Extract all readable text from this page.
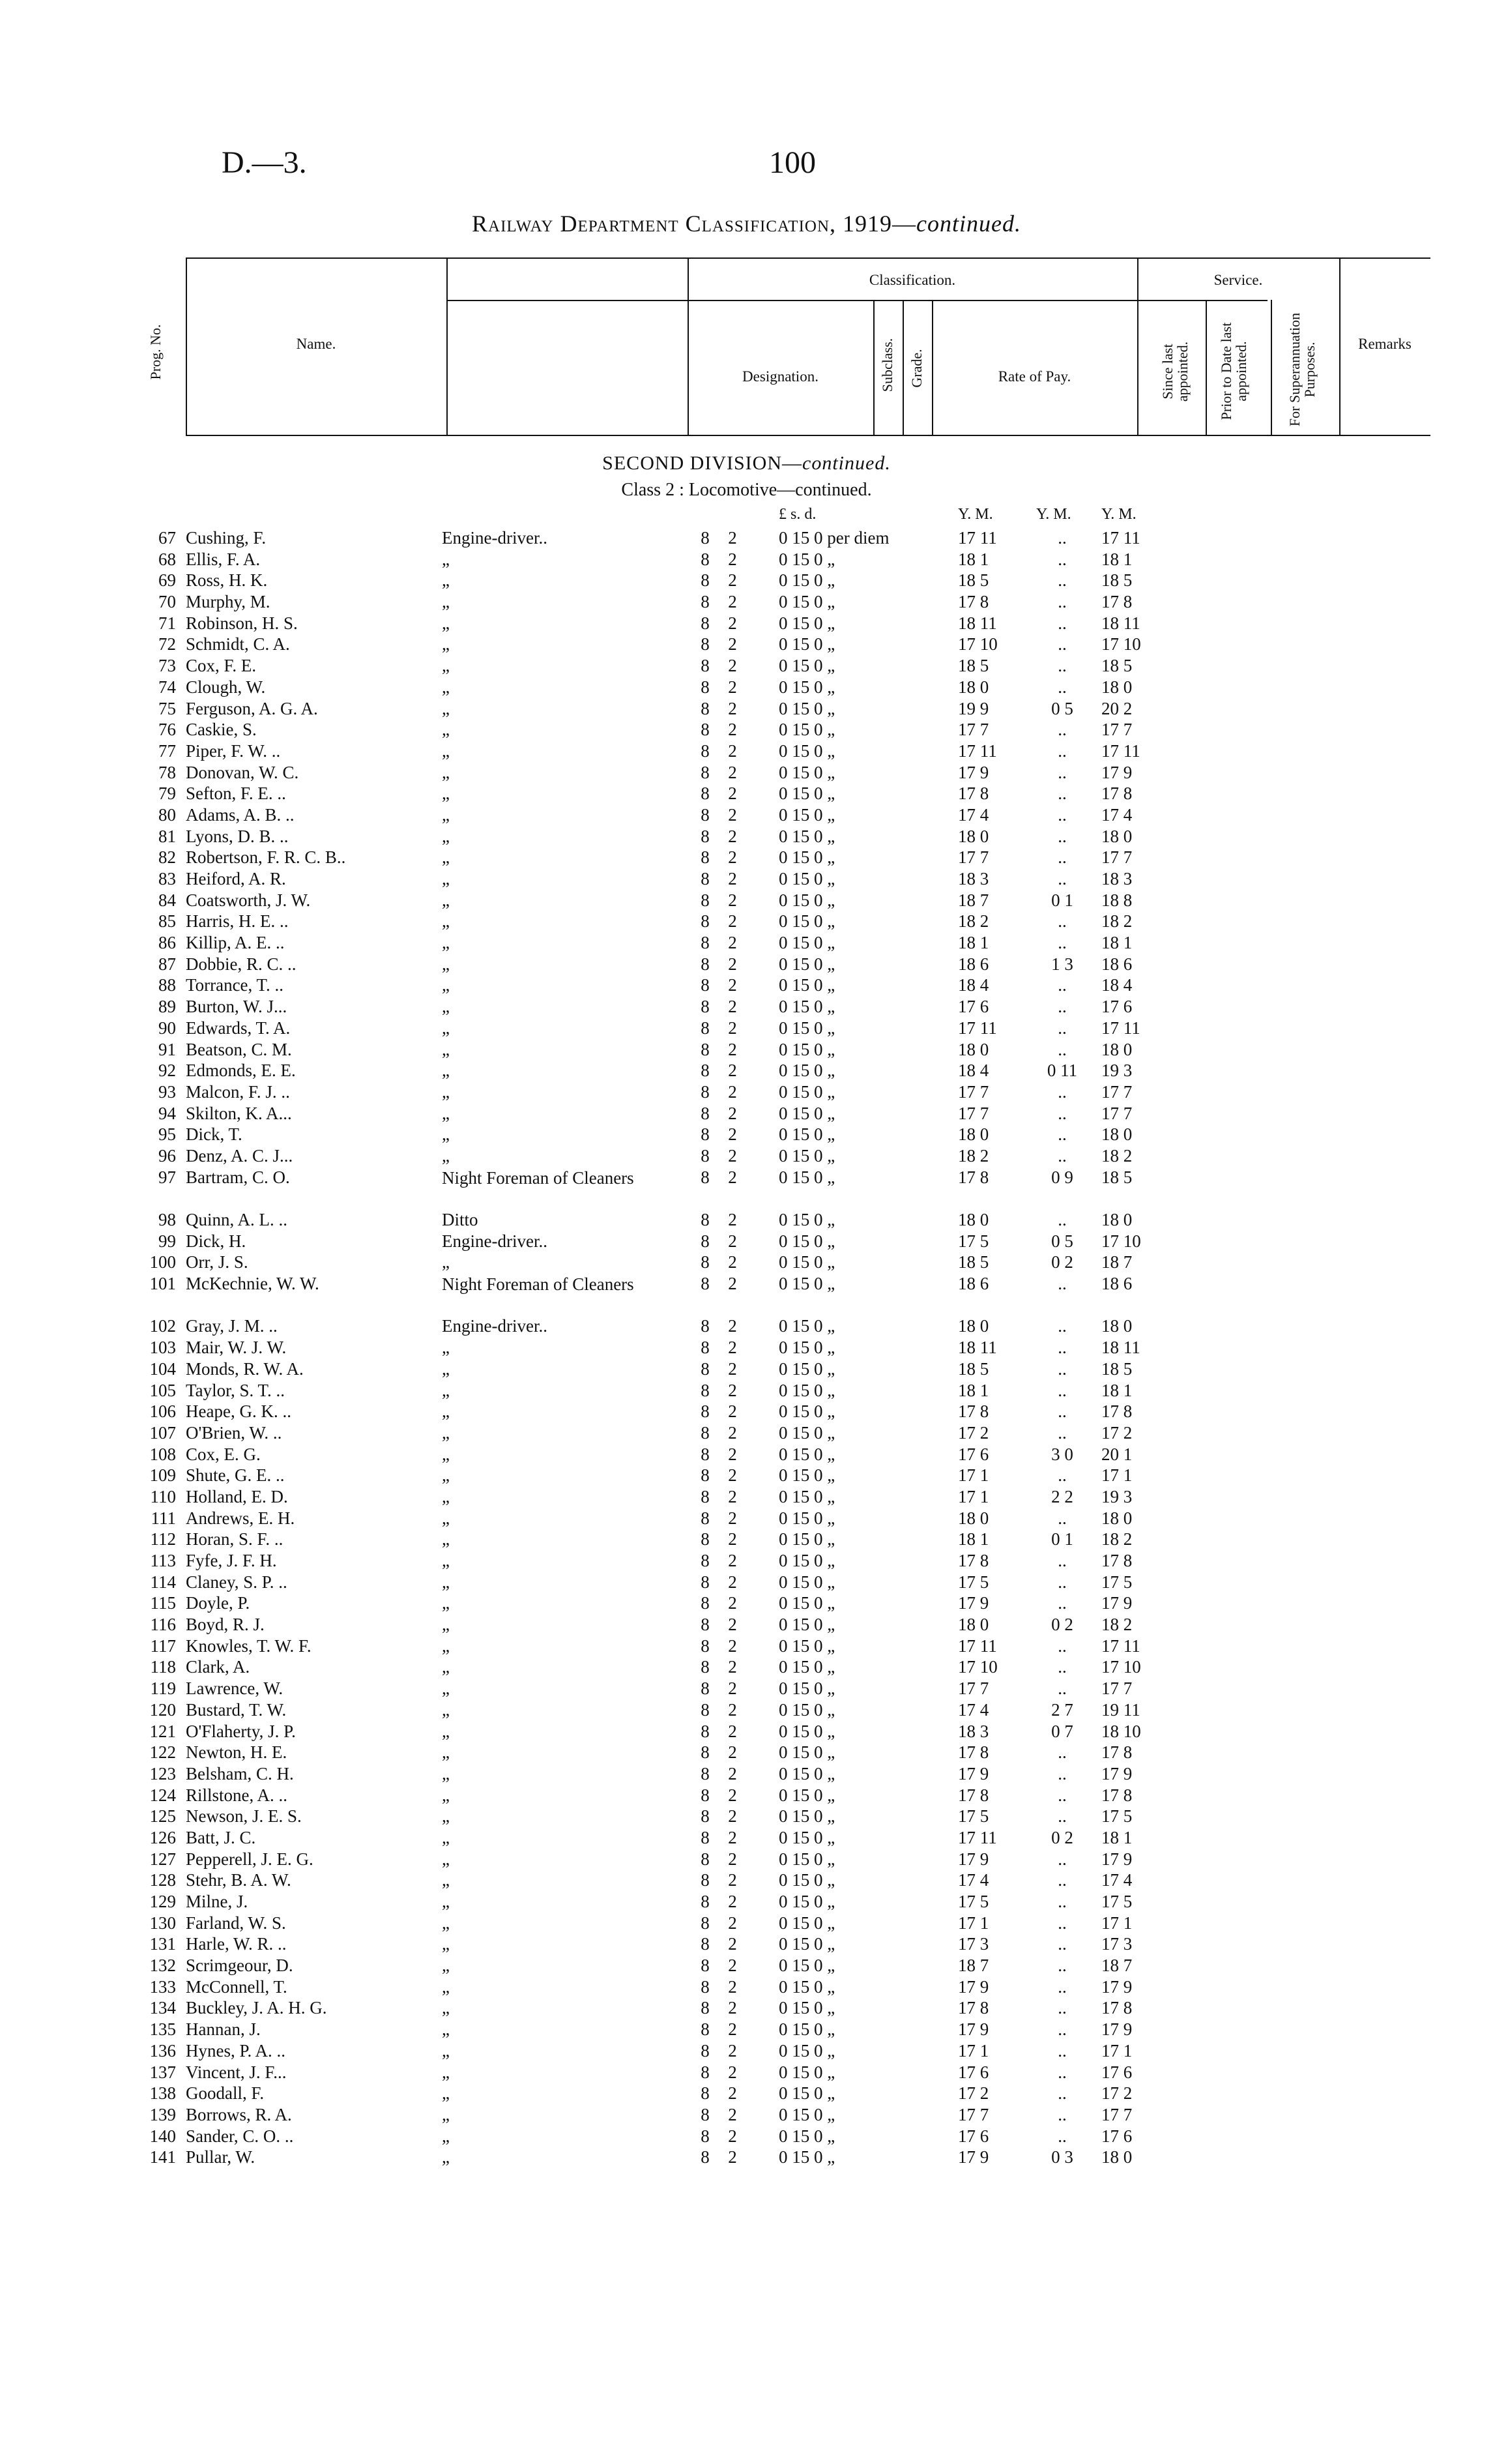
D.—3.	100
Railway Department Classification, 1919—continued.
Prog. No.	Name.
Classification.
Designation.	Subclass. Grade.	Rate of Pay.
Service.
Since last appointed. Prior to Date last appointed.	For Superannuation Purposes.	Remarks
SECOND DIVISION—continued.
Class 2 : Locomotive—continued.
£ s. d.	Y. M.	Y. M. Y. M.
67 Cushing, F.	Engine-driver..	8 2 0 15 0 per diem	17 11	..	17 11
68 Ellis, F. A.	„	8 2 0 15 0 „	18 1	..	18 1
69 Ross, H. K.	„	8 2 0 15 0 „	18 5	..	18 5
70 Murphy, M.	„	8 2 0 15 0 „	17 8	..	17 8
71 Robinson, H. S.	„	8 2 0 15 0 „	18 11	..	18 11
72 Schmidt, C. A.	„	8 2 0 15 0 „	17 10	..	17 10
73 Cox, F. E.	„	8 2 0 15 0 „	18 5	..	18 5
74 Clough, W.	„	8 2 0 15 0 „	18 0	..	18 0
75 Ferguson, A. G. A.	„	8 2 0 15 0 „	19 9	0 5	20 2
76 Caskie, S.	„	8 2 0 15 0 „	17 7	..	17 7
77 Piper, F. W. ..	„	8 2 0 15 0 „	17 11	..	17 11
78 Donovan, W. C.	„	8 2 0 15 0 „	17 9	..	17 9
79 Sefton, F. E. ..	„	8 2 0 15 0 „	17 8	..	17 8
80 Adams, A. B. ..	„	8 2 0 15 0 „	17 4	..	17 4
81 Lyons, D. B. ..	„	8 2 0 15 0 „	18 0	..	18 0
82 Robertson, F. R. C. B..	„	8 2 0 15 0 „	17 7	..	17 7
83 Heiford, A. R.	„	8 2 0 15 0 „	18 3	..	18 3
84 Coatsworth, J. W.	„	8 2 0 15 0 „	18 7	0 1	18 8
85 Harris, H. E. ..	„	8 2 0 15 0 „	18 2	..	18 2
86 Killip, A. E. ..	„	8 2 0 15 0 „	18 1	..	18 1
87 Dobbie, R. C. ..	„	8 2 0 15 0 „	18 6	1 3	18 6
88 Torrance, T. ..	„	8 2 0 15 0 „	18 4	..	18 4
89 Burton, W. J...	„	8 2 0 15 0 „	17 6	..	17 6
90 Edwards, T. A.	„	8 2 0 15 0 „	17 11	..	17 11
91 Beatson, C. M.	„	8 2 0 15 0 „	18 0	..	18 0
92 Edmonds, E. E.	„	8 2 0 15 0 „	18 4	0 11	19 3
93 Malcon, F. J. ..	„	8 2 0 15 0 „	17 7	..	17 7
94 Skilton, K. A...	„	8 2 0 15 0 „	17 7	..	17 7
95 Dick, T.	„	8 2 0 15 0 „	18 0	..	18 0
96 Denz, A. C. J...	„	8 2 0 15 0 „	18 2	..	18 2
97 Bartram, C. O.	Night Foreman of Cleaners	8 2 0 15 0 „	17 8	0 9	18 5
98 Quinn, A. L. ..	Ditto	8 2 0 15 0 „	18 0	..	18 0
99 Dick, H.	Engine-driver..	8 2 0 15 0 „	17 5	0 5	17 10
100 Orr, J. S.	„	8 2 0 15 0 „	18 5	0 2	18 7
101 McKechnie, W. W.	Night Foreman of Cleaners	8 2 0 15 0 „	18 6	..	18 6
102 Gray, J. M. ..	Engine-driver..	8 2 0 15 0 „	18 0	..	18 0
103 Mair, W. J. W.	„	8 2 0 15 0 „	18 11	..	18 11
104 Monds, R. W. A.	„	8 2 0 15 0 „	18 5	..	18 5
105 Taylor, S. T. ..	„	8 2 0 15 0 „	18 1	..	18 1
106 Heape, G. K. ..	„	8 2 0 15 0 „	17 8	..	17 8
107 O'Brien, W. ..	„	8 2 0 15 0 „	17 2	..	17 2
108 Cox, E. G.	„	8 2 0 15 0 „	17 6	3 0	20 1
109 Shute, G. E. ..	„	8 2 0 15 0 „	17 1	..	17 1
110 Holland, E. D.	„	8 2 0 15 0 „	17 1	2 2	19 3
111 Andrews, E. H.	„	8 2 0 15 0 „	18 0	..	18 0
112 Horan, S. F. ..	„	8 2 0 15 0 „	18 1	0 1	18 2
113 Fyfe, J. F. H.	„	8 2 0 15 0 „	17 8	..	17 8
114 Claney, S. P. ..	„	8 2 0 15 0 „	17 5	..	17 5
115 Doyle, P.	„	8 2 0 15 0 „	17 9	..	17 9
116 Boyd, R. J.	„	8 2 0 15 0 „	18 0	0 2	18 2
117 Knowles, T. W. F.	„	8 2 0 15 0 „	17 11	..	17 11
118 Clark, A.	„	8 2 0 15 0 „	17 10	..	17 10
119 Lawrence, W.	„	8 2 0 15 0 „	17 7	..	17 7
120 Bustard, T. W.	„	8 2 0 15 0 „	17 4	2 7	19 11
121 O'Flaherty, J. P.	„	8 2 0 15 0 „	18 3	0 7	18 10
122 Newton, H. E.	„	8 2 0 15 0 „	17 8	..	17 8
123 Belsham, C. H.	„	8 2 0 15 0 „	17 9	..	17 9
124 Rillstone, A. ..	„	8 2 0 15 0 „	17 8	..	17 8
125 Newson, J. E. S.	„	8 2 0 15 0 „	17 5	..	17 5
126 Batt, J. C.	„	8 2 0 15 0 „	17 11	0 2	18 1
127 Pepperell, J. E. G.	„	8 2 0 15 0 „	17 9	..	17 9
128 Stehr, B. A. W.	„	8 2 0 15 0 „	17 4	..	17 4
129 Milne, J.	„	8 2 0 15 0 „	17 5	..	17 5
130 Farland, W. S.	„	8 2 0 15 0 „	17 1	..	17 1
131 Harle, W. R. ..	„	8 2 0 15 0 „	17 3	..	17 3
132 Scrimgeour, D.	„	8 2 0 15 0 „	18 7	..	18 7
133 McConnell, T.	„	8 2 0 15 0 „	17 9	..	17 9
134 Buckley, J. A. H. G.	„	8 2 0 15 0 „	17 8	..	17 8
135 Hannan, J.	„	8 2 0 15 0 „	17 9	..	17 9
136 Hynes, P. A. ..	„	8 2 0 15 0 „	17 1	..	17 1
137 Vincent, J. F...	„	8 2 0 15 0 „	17 6	..	17 6
138 Goodall, F.	„	8 2 0 15 0 „	17 2	..	17 2
139 Borrows, R. A.	„	8 2 0 15 0 „	17 7	..	17 7
140 Sander, C. O. ..	„	8 2 0 15 0 „	17 6	..	17 6
141 Pullar, W.	„	8 2 0 15 0 „	17 9	0 3	18 0
